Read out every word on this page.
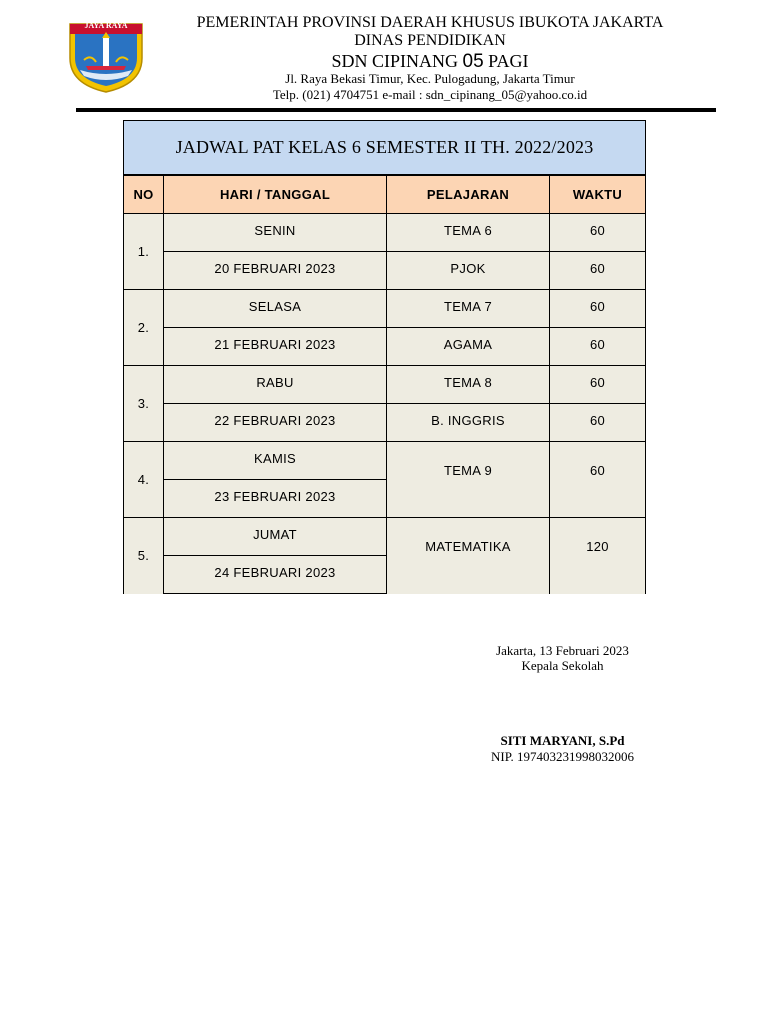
JAYA RAYA	PEMERINTAH PROVINSI DAERAH KHUSUS IBUKOTA JAKARTA
DINAS PENDIDIKAN
SDN CIPINANG 05 PAGI
Jl. Raya Bekasi Timur, Kec. Pulogadung, Jakarta Timur
Telp. (021) 4704751 e-mail : sdn_cipinang_05@yahoo.co.id
JADWAL PAT KELAS 6 SEMESTER II TH. 2022/2023			
NO	HARI / TANGGAL	PELAJARAN	WAKTU
1.	SENIN	TEMA 6	60
	20 FEBRUARI 2023	PJOK	60
2.	SELASA	TEMA 7	60
	21 FEBRUARI 2023	AGAMA	60
3.	RABU	TEMA 8	60
	22 FEBRUARI 2023	B. INGGRIS	60
4.	KAMIS	TEMA 9	60
	23 FEBRUARI 2023		
5.	JUMAT	MATEMATIKA	120
	24 FEBRUARI 2023		
Jakarta, 13 Februari 2023
Kepala Sekolah
SITI MARYANI, S.Pd
NIP. 197403231998032006
